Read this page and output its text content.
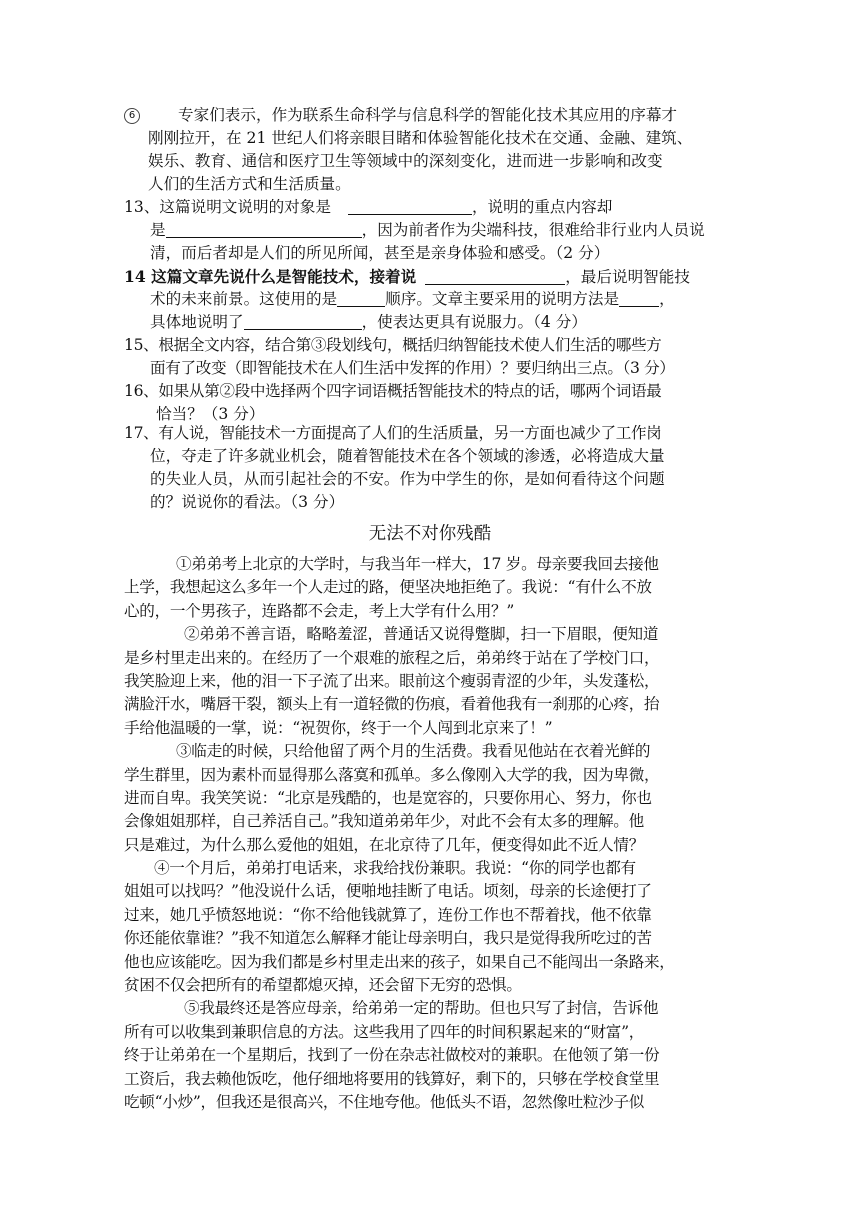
6	专家们表示，作为联系生命科学与信息科学的智能化技术其应用的序幕才
刚刚拉开，在 21 世纪人们将亲眼目睹和体验智能化技术在交通、金融、建筑、
娱乐、教育、通信和医疗卫生等领域中的深刻变化，进而进一步影响和改变
人们的生活方式和生活质量。
13、这篇说明文说明的对象是	，说明的重点内容却
是	，因为前者作为尖端科技，很难给非行业内人员说
清，而后者却是人们的所见所闻，甚至是亲身体验和感受。（2 分）
14 这篇文章先说什么是智能技术，接着说	，最后说明智能技
术的未来前景。这使用的是	顺序。文章主要采用的说明方法是	，
具体地说明了	，使表达更具有说服力。（4 分）
15、根据全文内容，结合第③段划线句，概括归纳智能技术使人们生活的哪些方
面有了改变（即智能技术在人们生活中发挥的作用）？要归纳出三点。（3 分）
16、如果从第②段中选择两个四字词语概括智能技术的特点的话，哪两个词语最
恰当？（3 分）
17、有人说，智能技术一方面提高了人们的生活质量，另一方面也减少了工作岗
位，夺走了许多就业机会，随着智能技术在各个领域的渗透，必将造成大量
的失业人员，从而引起社会的不安。作为中学生的你，是如何看待这个问题
的？说说你的看法。（3 分）
无法不对你残酷
①弟弟考上北京的大学时，与我当年一样大，17 岁。母亲要我回去接他
上学，我想起这么多年一个人走过的路，便坚决地拒绝了。我说：“有什么不放
心的，一个男孩子，连路都不会走，考上大学有什么用？”
②弟弟不善言语，略略羞涩，普通话又说得蹩脚，扫一下眉眼，便知道
是乡村里走出来的。在经历了一个艰难的旅程之后，弟弟终于站在了学校门口，
我笑脸迎上来，他的泪一下子流了出来。眼前这个瘦弱青涩的少年，头发蓬松，
满脸汗水，嘴唇干裂，额头上有一道轻微的伤痕，看着他我有一刹那的心疼，抬
手给他温暖的一掌，说：“祝贺你，终于一个人闯到北京来了！”
③临走的时候，只给他留了两个月的生活费。我看见他站在衣着光鲜的
学生群里，因为素朴而显得那么落寞和孤单。多么像刚入大学的我，因为卑微，
进而自卑。我笑笑说：“北京是残酷的，也是宽容的，只要你用心、努力，你也
会像姐姐那样，自己养活自己。”我知道弟弟年少，对此不会有太多的理解。他
只是难过，为什么那么爱他的姐姐，在北京待了几年，便变得如此不近人情？
④一个月后，弟弟打电话来，求我给找份兼职。我说：“你的同学也都有
姐姐可以找吗？”他没说什么话，便啪地挂断了电话。顷刻，母亲的长途便打了
过来，她几乎愤怒地说：“你不给他钱就算了，连份工作也不帮着找，他不依靠
你还能依靠谁？”我不知道怎么解释才能让母亲明白，我只是觉得我所吃过的苦
他也应该能吃。因为我们都是乡村里走出来的孩子，如果自己不能闯出一条路来，
贫困不仅会把所有的希望都熄灭掉，还会留下无穷的恐惧。
⑤我最终还是答应母亲，给弟弟一定的帮助。但也只写了封信，告诉他
所有可以收集到兼职信息的方法。这些我用了四年的时间积累起来的“财富”，
终于让弟弟在一个星期后，找到了一份在杂志社做校对的兼职。在他领了第一份
工资后，我去赖他饭吃，他仔细地将要用的钱算好，剩下的，只够在学校食堂里
吃顿“小炒”，但我还是很高兴，不住地夸他。他低头不语，忽然像吐粒沙子似
